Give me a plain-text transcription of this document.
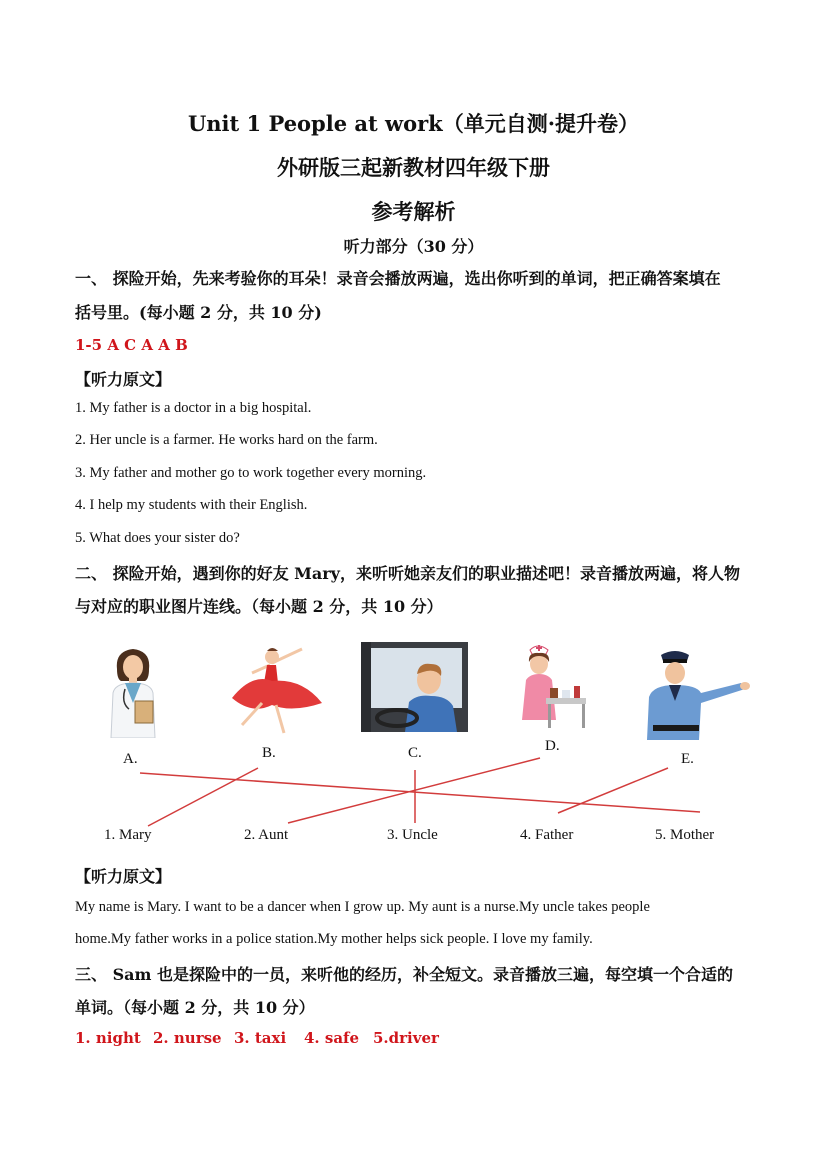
Unit 1 People at work（单元自测·提升卷）
外研版三起新教材四年级下册
参考解析
听力部分（30 分）
一、 探险开始，先来考验你的耳朵！录音会播放两遍，选出你听到的单词，把正确答案填在
括号里。(每小题 2 分，共 10 分)
1-5 A C A A B
【听力原文】
1. My father is a doctor in a big hospital.
2. Her uncle is a farmer. He works hard on the farm.
3. My father and mother go to work together every morning.
4. I help my students with their English.
5. What does your sister do?
二、 探险开始，遇到你的好友 Mary，来听听她亲友们的职业描述吧！录音播放两遍，将人物
与对应的职业图片连线。（每小题 2 分，共 10 分）
A.	B.	C.	D.
E.
1. Mary	2. Aunt	3. Uncle	4. Father	5. Mother
【听力原文】
My name is Mary. I want to be a dancer when I grow up. My aunt is a nurse.My uncle takes people
home.My father works in a police station.My mother helps sick people. I love my family.
三、 Sam 也是探险中的一员，来听他的经历，补全短文。录音播放三遍，每空填一个合适的
单词。（每小题 2 分，共 10 分）
1. night 2. nurse 3. taxi 4. safe 5.driver
